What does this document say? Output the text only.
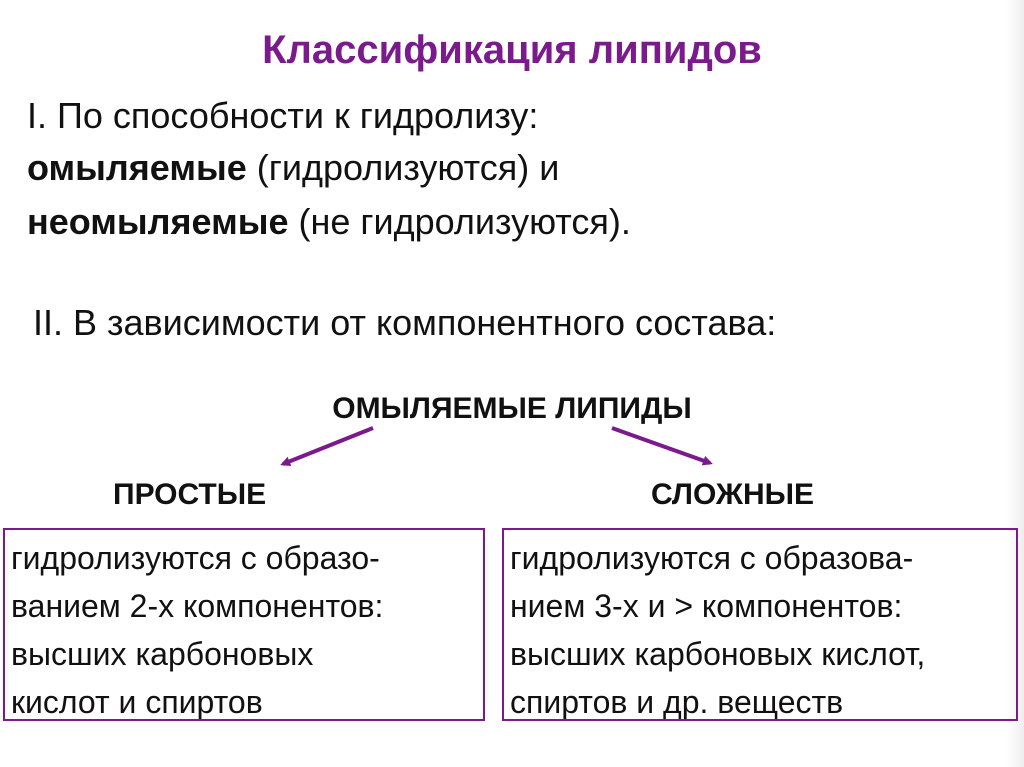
Классификация липидов
I. По способности к гидролизу:
омыляемые (гидролизуются) и
неомыляемые (не гидролизуются).
II. В зависимости от компонентного состава:
ОМЫЛЯЕМЫЕ ЛИПИДЫ
ПРОСТЫЕ	СЛОЖНЫЕ
гидролизуются с образо-
ванием 2-х компонентов:
высших карбоновых
кислот и спиртов
гидролизуются с образова-
нием 3-х и > компонентов:
высших карбоновых кислот,
спиртов и др. веществ
